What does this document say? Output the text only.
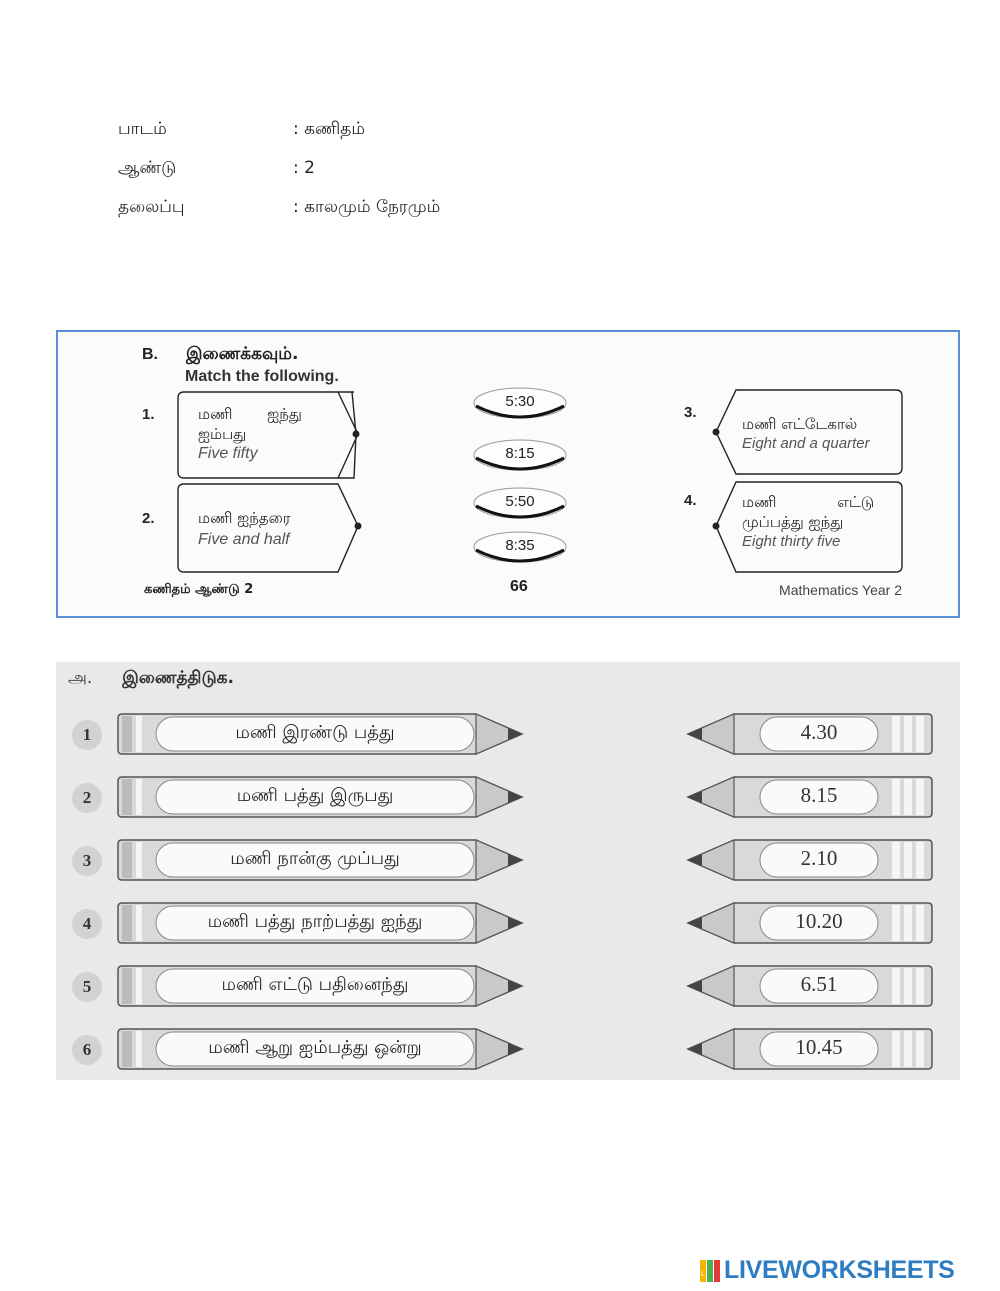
பாடம்	: கணிதம்
ஆண்டு	: 2
தலைப்பு	: காலமும் நேரமும்
B. இணைக்கவும்.
Match the following.
1.	மணி ஐந்து
ஐம்பது
Five fifty
2.	மணி ஐந்தரை
Five and half
5:30
8:15
5:50
8:35
3.
மணி எட்டேகால்
Eight and a quarter
4.	மணி எட்டு
முப்பத்து ஐந்து
Eight thirty five
கணிதம் ஆண்டு 2	66	Mathematics Year 2
அ. இணைத்திடுக.
1	மணி இரண்டு பத்து	4.30
2	மணி பத்து இருபது	8.15
3	மணி நான்கு முப்பது	2.10
4	மணி பத்து நாற்பத்து ஐந்து	10.20
5	மணி எட்டு பதினைந்து	6.51
6	மணி ஆறு ஐம்பத்து ஒன்று	10.45
L LIVEWORKSHEETS
